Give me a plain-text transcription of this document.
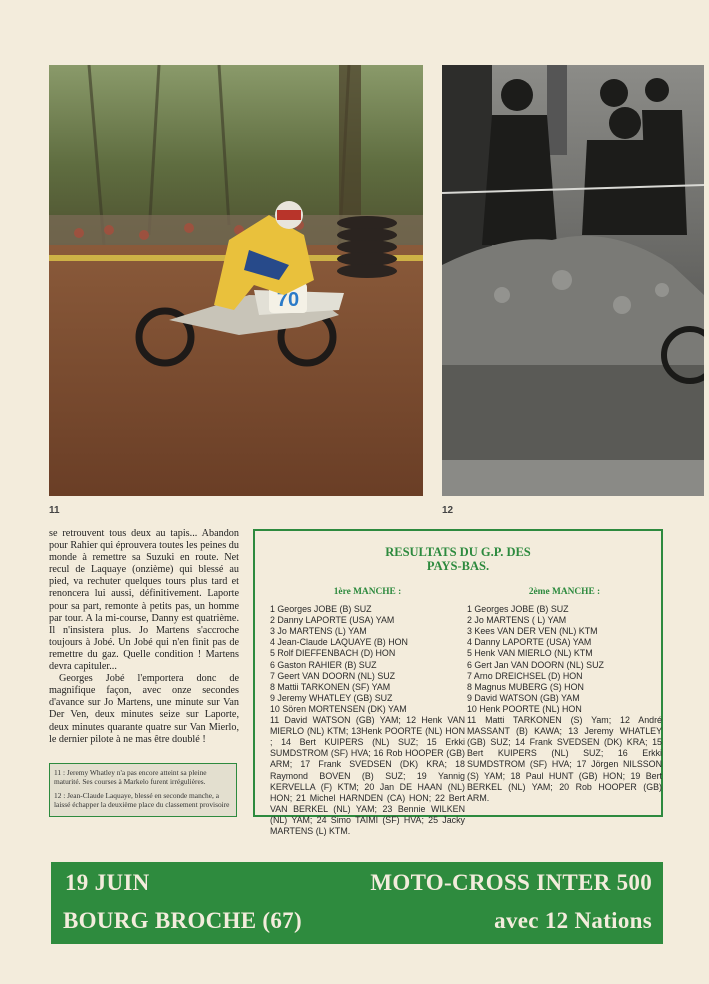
70
11	12

se retrouvent tous deux au tapis... Abandon pour Rahier qui éprouvera toutes les peines du monde à remettre sa Suzuki en route. Net recul de Laquaye (onzième) qui blessé au pied, va rechuter quelques tours plus tard et renoncera lui aussi, définitivement. Laporte pour sa part, remonte à petits pas, un homme par tour. A la mi-course, Danny est quatrième. Il n'insistera plus. Jo Martens s'accroche toujours à Jobé. Un Jobé qui n'en finit pas de remettre du gaz. Quelle condition ! Martens devra capituler...

Georges Jobé l'emportera donc de magnifique façon, avec onze secondes d'avance sur Jo Martens, une minute sur Van Der Ven, deux minutes seize sur Laporte, deux minutes quarante quatre sur Van Mierlo, le dernier pilote à ne mas être doublé !

11 : Jeremy Whatley n'a pas encore atteint sa pleine maturité. Ses courses à Markelo furent irrégulières.

12 : Jean-Claude Laquaye, blessé en seconde manche, a laissé échapper la deuxième place du classement provisoire

RESULTATS DU G.P. DES
PAYS-BAS.
1ère MANCHE :
1 Georges JOBE (B) SUZ
2 Danny LAPORTE (USA) YAM
3 Jo MARTENS (L) YAM
4 Jean-Claude LAQUAYE (B) HON
5 Rolf DIEFFENBACH (D) HON
6 Gaston RAHIER (B) SUZ
7 Geert VAN DOORN (NL) SUZ
8 Mattii TARKONEN (SF) YAM
9 Jeremy WHATLEY (GB) SUZ
10 Sören MORTENSEN (DK) YAM
11 David WATSON (GB) YAM; 12 Henk VAN MIERLO (NL) KTM; 13Henk POORTE (NL) HON ; 14 Bert KUIPERS (NL) SUZ; 15 Erkki SUMDSTROM (SF) HVA; 16 Rob HOOPER (GB) ARM; 17 Frank SVEDSEN (DK) KRA; 18 Raymond BOVEN (B) SUZ; 19 Yannig KERVELLA (F) KTM; 20 Jan DE HAAN (NL) HON; 21 Michel HARNDEN (CA) HON; 22 Bert VAN BERKEL (NL) YAM; 23 Bennie WILKEN (NL) YAM; 24 Simo TAIMI (SF) HVA; 25 Jacky MARTENS (L) KTM.
2ème MANCHE :
1 Georges JOBE (B) SUZ
2 Jo MARTENS ( L) YAM
3 Kees VAN DER VEN (NL) KTM
4 Danny LAPORTE (USA) YAM
5 Henk VAN MIERLO (NL) KTM
6 Gert Jan VAN DOORN (NL) SUZ
7 Arno DREICHSEL (D) HON
8 Magnus MUBERG (S) HON
9 David WATSON (GB) YAM
10 Henk POORTE (NL) HON
11 Matti TARKONEN (S) Yam; 12 André MASSANT (B) KAWA; 13 Jeremy WHATLEY (GB) SUZ; 14 Frank SVEDSEN (DK) KRA; 15 Bert KUIPERS (NL) SUZ; 16 Erkki SUMDSTROM (SF) HVA; 17 Jörgen NILSSON (S) YAM; 18 Paul HUNT (GB) HON; 19 Bert BERKEL (NL) YAM; 20 Rob HOOPER (GB) ARM.
19 JUIN
BOURG BROCHE (67)
MOTO-CROSS INTER 500
avec 12 Nations
